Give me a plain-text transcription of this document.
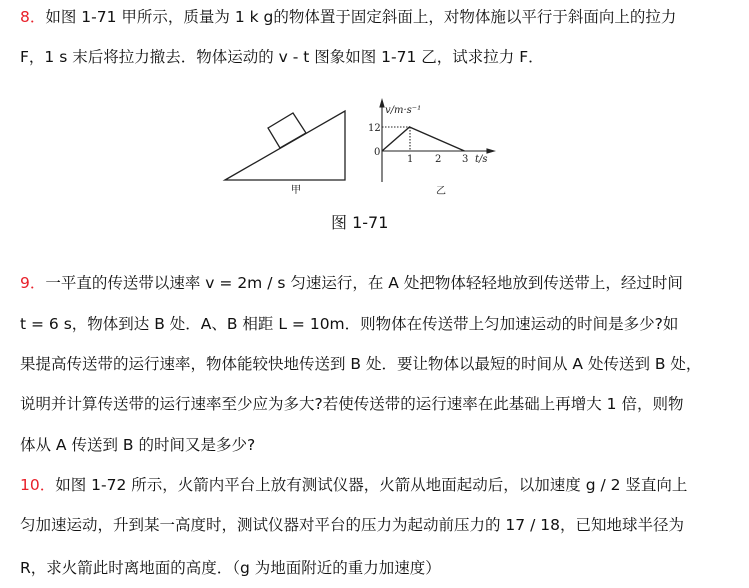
8．如图 1-71 甲所示，质量为 1 k g的物体置于固定斜面上，对物体施以平行于斜面向上的拉力
F，1 s 末后将拉力撤去．物体运动的 v - t 图象如图 1-71 乙，试求拉力 F．
甲
v/m·s⁻¹
12
0
1 2 3 t/s
乙
图 1-71
9．一平直的传送带以速率 v = 2m / s 匀速运行，在 A 处把物体轻轻地放到传送带上，经过时间
t = 6 s，物体到达 B 处．A、B 相距 L = 10m．则物体在传送带上匀加速运动的时间是多少?如
果提高传送带的运行速率，物体能较快地传送到 B 处．要让物体以最短的时间从 A 处传送到 B 处，
说明并计算传送带的运行速率至少应为多大?若使传送带的运行速率在此基础上再增大 1 倍，则物
体从 A 传送到 B 的时间又是多少?
10．如图 1-72 所示，火箭内平台上放有测试仪器，火箭从地面起动后，以加速度 g / 2 竖直向上
匀加速运动，升到某一高度时，测试仪器对平台的压力为起动前压力的 17 / 18，已知地球半径为
R，求火箭此时离地面的高度．（g 为地面附近的重力加速度）
